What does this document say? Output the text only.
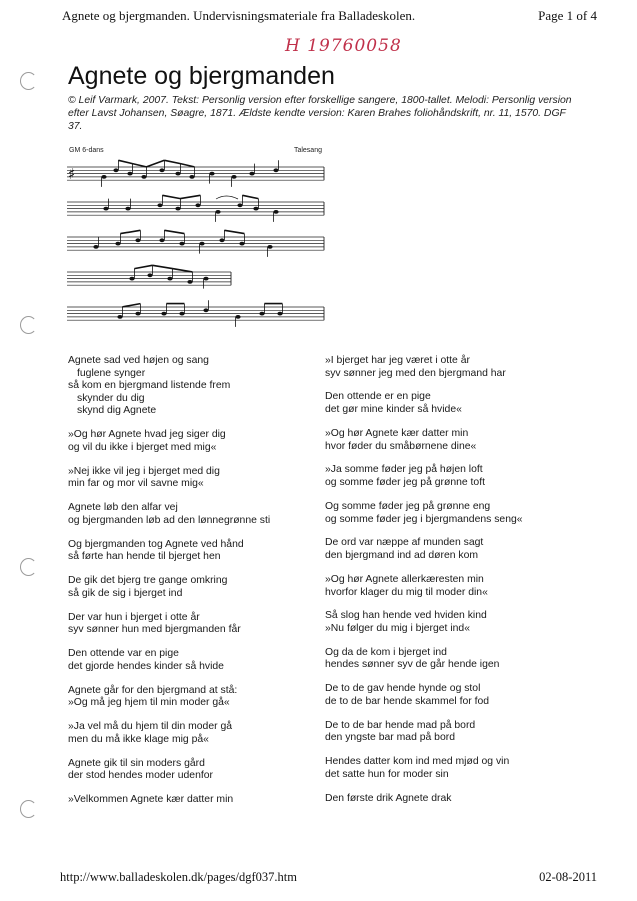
Agnete og bjergmanden. Undervisningsmateriale fra Balladeskolen.	Page 1 of 4
H 19760058
Agnete og bjergmanden

© Leif Varmark, 2007. Tekst: Personlig version efter forskellige sangere, 1800-tallet. Melodi: Personlig version efter Lavst Johansen, Søagre, 1871. Ældste kendte version: Karen Brahes foliohåndskrift, nr. 11, 1570. DGF 37.

GM 6-dans	Talesang
♯
Agnete sad ved højen og sang
fuglene synger
så kom en bjergmand listende frem
skynder du dig
skynd dig Agnete
»Og hør Agnete hvad jeg siger dig
og vil du ikke i bjerget med mig«
»Nej ikke vil jeg i bjerget med dig
min far og mor vil savne mig«
Agnete løb den alfar vej
og bjergmanden løb ad den lønnegrønne sti
Og bjergmanden tog Agnete ved hånd
så førte han hende til bjerget hen
De gik det bjerg tre gange omkring
så gik de sig i bjerget ind
Der var hun i bjerget i otte år
syv sønner hun med bjergmanden får
Den ottende var en pige
det gjorde hendes kinder så hvide
Agnete går for den bjergmand at stå:
»Og må jeg hjem til min moder gå«
»Ja vel må du hjem til din moder gå
men du må ikke klage mig på«
Agnete gik til sin moders gård
der stod hendes moder udenfor
»Velkommen Agnete kær datter min
»I bjerget har jeg været i otte år
syv sønner jeg med den bjergmand har
Den ottende er en pige
det gør mine kinder så hvide«
»Og hør Agnete kær datter min
hvor føder du småbørnene dine«
»Ja somme føder jeg på højen loft
og somme føder jeg på grønne toft
Og somme føder jeg på grønne eng
og somme føder jeg i bjergmandens seng«
De ord var næppe af munden sagt
den bjergmand ind ad døren kom
»Og hør Agnete allerkæresten min
hvorfor klager du mig til moder din«
Så slog han hende ved hviden kind
»Nu følger du mig i bjerget ind«
Og da de kom i bjerget ind
hendes sønner syv de går hende igen
De to de gav hende hynde og stol
de to de bar hende skammel for fod
De to de bar hende mad på bord
den yngste bar mad på bord
Hendes datter kom ind med mjød og vin
det satte hun for moder sin
Den første drik Agnete drak
http://www.balladeskolen.dk/pages/dgf037.htm	02-08-2011
